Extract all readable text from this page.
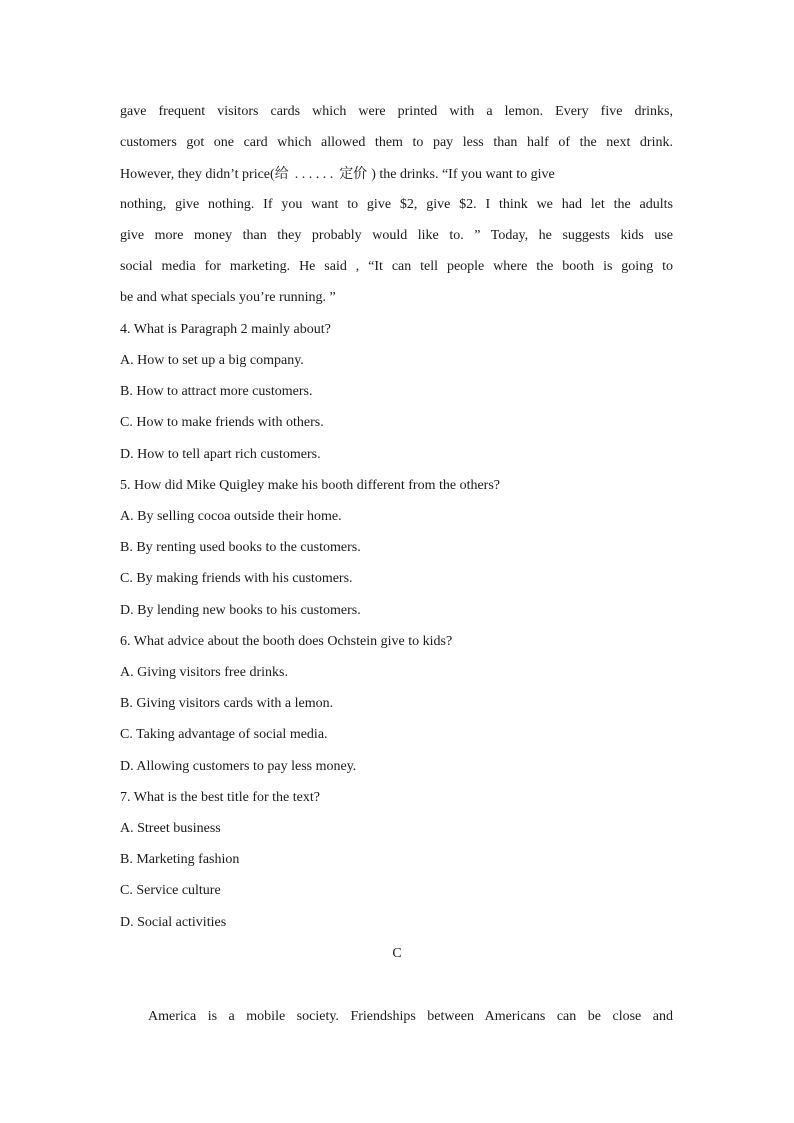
gave frequent visitors cards which were printed with a lemon. Every five drinks,
customers got one card which allowed them to pay less than half of the next drink.
However, they didn’t price(给 . . . . . . 定价 ) the drinks. “If you want to give
nothing, give nothing. If you want to give $2, give $2. I think we had let the adults
give more money than they probably would like to. ” Today, he suggests kids use
social media for marketing. He said , “It can tell people where the booth is going to
be and what specials you’re running. ”
4. What is Paragraph 2 mainly about?
A. How to set up a big company.
B. How to attract more customers.
C. How to make friends with others.
D. How to tell apart rich customers.
5. How did Mike Quigley make his booth different from the others?
A. By selling cocoa outside their home.
B. By renting used books to the customers.
C. By making friends with his customers.
D. By lending new books to his customers.
6. What advice about the booth does Ochstein give to kids?
A. Giving visitors free drinks.
B. Giving visitors cards with a lemon.
C. Taking advantage of social media.
D. Allowing customers to pay less money.
7. What is the best title for the text?
A. Street business
B. Marketing fashion
C. Service culture
D. Social activities
C
America is a mobile society. Friendships between Americans can be close and
